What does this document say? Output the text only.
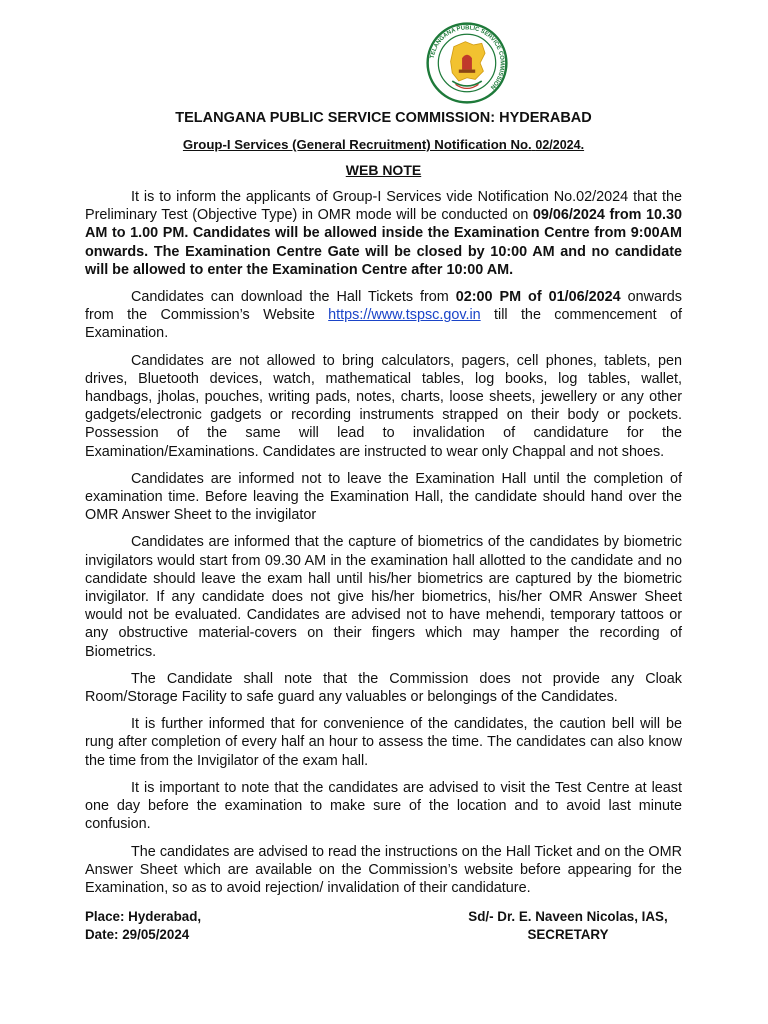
TELANGANA PUBLIC SERVICE COMMISSION

TELANGANA PUBLIC SERVICE COMMISSION: HYDERABAD

Group-I Services (General Recruitment) Notification No. 02/2024.

WEB NOTE

It is to inform the applicants of Group-I Services vide Notification No.02/2024 that the Preliminary Test (Objective Type) in OMR mode will be conducted on 09/06/2024 from 10.30 AM to 1.00 PM. Candidates will be allowed inside the Examination Centre from 9:00AM onwards. The Examination Centre Gate will be closed by 10:00 AM and no candidate will be allowed to enter the Examination Centre after 10:00 AM.

Candidates can download the Hall Tickets from 02:00 PM of 01/06/2024 onwards from the Commission’s Website https://www.tspsc.gov.in till the commencement of Examination.

Candidates are not allowed to bring calculators, pagers, cell phones, tablets, pen drives, Bluetooth devices, watch, mathematical tables, log books, log tables, wallet, handbags, jholas, pouches, writing pads, notes, charts, loose sheets, jewellery or any other gadgets/electronic gadgets or recording instruments strapped on their body or pockets. Possession of the same will lead to invalidation of candidature for the Examination/Examinations. Candidates are instructed to wear only Chappal and not shoes.

Candidates are informed not to leave the Examination Hall until the completion of examination time. Before leaving the Examination Hall, the candidate should hand over the OMR Answer Sheet to the invigilator

Candidates are informed that the capture of biometrics of the candidates by biometric invigilators would start from 09.30 AM in the examination hall allotted to the candidate and no candidate should leave the exam hall until his/her biometrics are captured by the biometric invigilator. If any candidate does not give his/her biometrics, his/her OMR Answer Sheet would not be evaluated. Candidates are advised not to have mehendi, temporary tattoos or any obstructive material-covers on their fingers which may hamper the recording of Biometrics.

The Candidate shall note that the Commission does not provide any Cloak Room/Storage Facility to safe guard any valuables or belongings of the Candidates.

It is further informed that for convenience of the candidates, the caution bell will be rung after completion of every half an hour to assess the time. The candidates can also know the time from the Invigilator of the exam hall.

It is important to note that the candidates are advised to visit the Test Centre at least one day before the examination to make sure of the location and to avoid last minute confusion.

The candidates are advised to read the instructions on the Hall Ticket and on the OMR Answer Sheet which are available on the Commission’s website before appearing for the Examination, so as to avoid rejection/ invalidation of their candidature.

Place: Hyderabad,
Date: 29/05/2024
Sd/- Dr. E. Naveen Nicolas, IAS,
SECRETARY
